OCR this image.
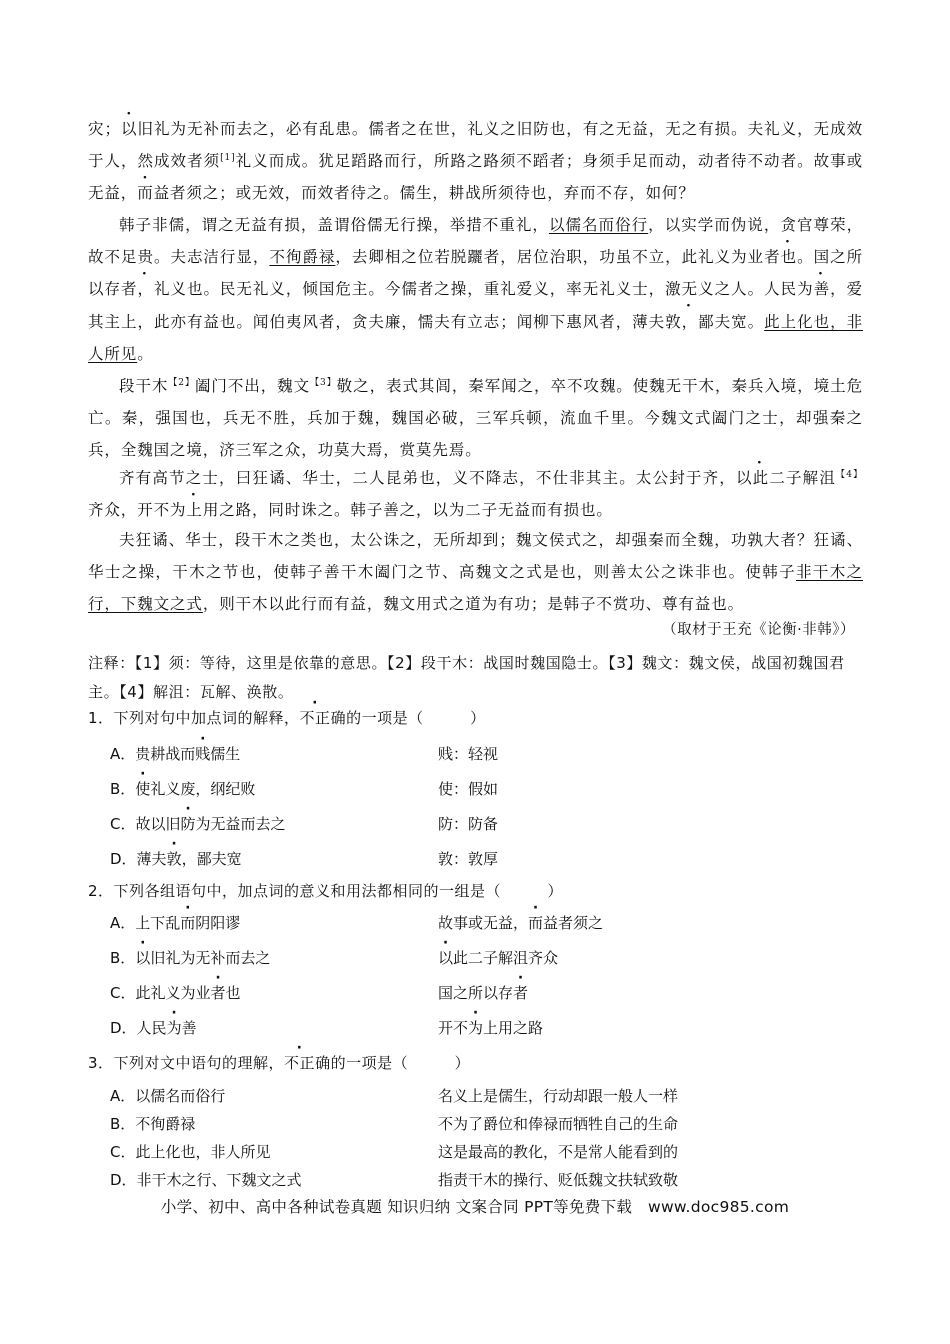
灾；以旧礼为无补而去之，必有乱患。儒者之在世，礼义之旧防也，有之无益，无之有损。夫礼义，无成效于人，然成效者须[1]礼义而成。犹足蹈路而行，所路之路须不蹈者；身须手足而动，动者待不动者。故事或无益，而益者须之；或无效，而效者待之。儒生，耕战所须待也，弃而不存，如何？

韩子非儒，谓之无益有损，盖谓俗儒无行操，举措不重礼，以儒名而俗行，以实学而伪说，贪官尊荣，故不足贵。夫志洁行显，不徇爵禄，去卿相之位若脱躧者，居位治职，功虽不立，此礼义为业者也。国之所以存者，礼义也。民无礼义，倾国危主。今儒者之操，重礼爱义，率无礼义士，激无义之人。人民为善，爱其主上，此亦有益也。闻伯夷风者，贪夫廉，懦夫有立志；闻柳下惠风者，薄夫敦，鄙夫宽。此上化也，非人所见。

段干木$^{【2】}$阖门不出，魏文$^{【3】}$敬之，表式其闾，秦军闻之，卒不攻魏。使魏无干木，秦兵入境，境土危亡。秦，强国也，兵无不胜，兵加于魏，魏国必破，三军兵顿，流血千里。今魏文式阖门之士，却强秦之兵，全魏国之境，济三军之众，功莫大焉，赏莫先焉。

齐有高节之士，曰狂谲、华士，二人昆弟也，义不降志，不仕非其主。太公封于齐，以此二子解沮$^{【4】}$齐众，开不为上用之路，同时诛之。韩子善之，以为二子无益而有损也。

夫狂谲、华士，段干木之类也，太公诛之，无所却到；魏文侯式之，却强秦而全魏，功孰大者？狂谲、华士之操，干木之节也，使韩子善干木阖门之节、高魏文之式是也，则善太公之诛非也。使韩子非干木之行，下魏文之式，则干木以此行而有益，魏文用式之道为有功；是韩子不赏功、尊有益也。

（取材于王充《论衡·非韩》）

注释：【1】须：等待，这里是依靠的意思。【2】段干木：战国时魏国隐士。【3】魏文：魏文侯，战国初魏国君主。【4】解沮：瓦解、涣散。

1．下列对句中加点词的解释，不正确的一项是（　　　）
A．贵耕战而贱儒生	贱：轻视
B．使礼义废，纲纪败	使：假如
C．故以旧防为无益而去之	防：防备
D．薄夫敦，鄙夫宽	敦：敦厚
2．下列各组语句中，加点词的意义和用法都相同的一组是（　　　）
A．上下乱而阴阳谬	故事或无益，而益者须之
B．以旧礼为无补而去之	以此二子解沮齐众
C．此礼义为业者也	国之所以存者
D．人民为善	开不为上用之路
3．下列对文中语句的理解，不正确的一项是（　　　）
A．以儒名而俗行	名义上是儒生，行动却跟一般人一样
B．不徇爵禄	不为了爵位和俸禄而牺牲自己的生命
C．此上化也，非人所见	这是最高的教化，不是常人能看到的
D．非干木之行、下魏文之式	指责干木的操行、贬低魏文扶轼致敬
小学、初中、高中各种试卷真题 知识归纳 文案合同 PPT等免费下载　www.doc985.com
